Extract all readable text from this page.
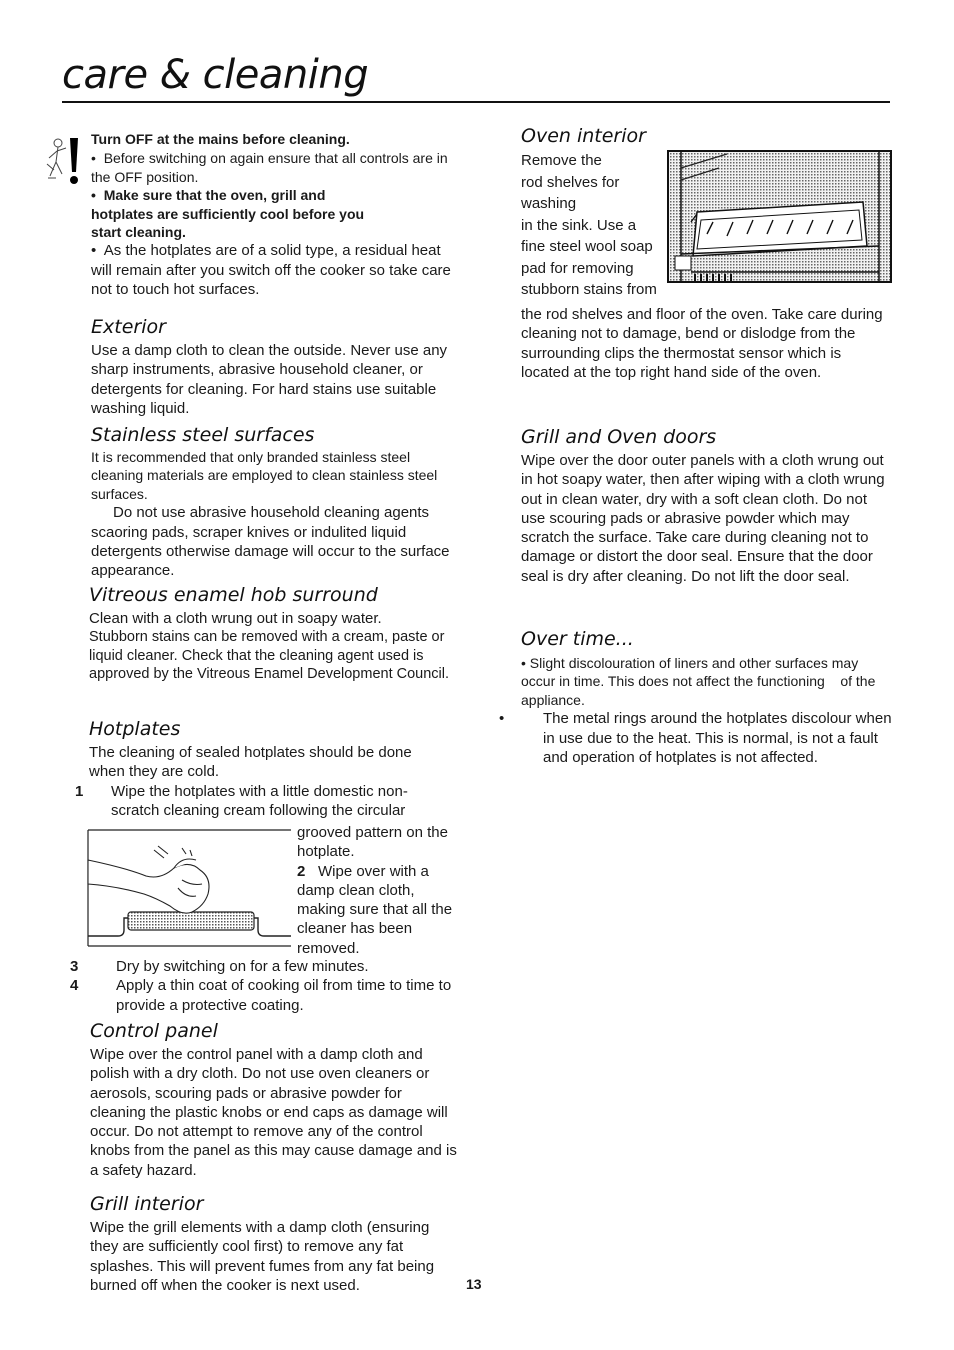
care & cleaning

Turn OFF at the mains before cleaning.

•  Before switching on again ensure that all controls are in the OFF position.

•  Make sure that the oven, grill and hotplates are sufficiently cool before you start cleaning.

•  As the hotplates are of a solid type, a residual heat will remain after you switch off the cooker so take care not to touch hot surfaces.

Exterior

Use a damp cloth to clean the outside. Never use any sharp instruments, abrasive household cleaner, or detergents for cleaning. For hard stains use suitable washing liquid.

Stainless steel surfaces

It is recommended that only branded stainless steel cleaning materials are employed to clean stainless steel surfaces.

Do not use abrasive household cleaning agents scaoring pads, scraper knives or indulited liquid detergents otherwise damage will occur to the surface appearance.

Vitreous enamel hob surround

Clean with a cloth wrung out in soapy water.

Stubborn stains can be removed with a cream, paste or liquid cleaner. Check that the cleaning agent used is approved by the Vitreous Enamel Development Council.

Hotplates

The cleaning of sealed hotplates should be done when they are cold.

1 Wipe the hotplates with a little domestic non-scratch cleaning cream following the circular

grooved pattern on the hotplate.

2 Wipe over with a damp clean cloth, making sure that all the cleaner has been removed.

3	Dry by switching on for a few minutes.

4	Apply a thin coat of cooking oil from time to time to provide a protective coating.

Control panel

Wipe over the control panel with a damp cloth and polish with a dry cloth. Do not use oven cleaners or aerosols, scouring pads or abrasive powder for cleaning the plastic knobs or end caps as damage will occur. Do not attempt to remove any of the control knobs from the panel as this may cause damage and is a safety hazard.

Grill interior

Wipe the grill elements with a damp cloth (ensuring they are sufficiently cool first) to remove any fat splashes. This will prevent fumes from any fat being burned off when the cooker is next used.	13
Oven interior

Remove the

rod shelves for

washing

in the sink. Use a

fine steel wool soap

pad for removing

stubborn stains from

the rod shelves and floor of the oven. Take care during cleaning not to damage, bend or dislodge from the surrounding clips the thermostat sensor which is located at the top right hand side of the oven.

Grill and Oven doors

Wipe over the door outer panels with a cloth wrung out in hot soapy water, then after wiping with a cloth wrung out in clean water, dry with a soft clean cloth. Do not use scouring pads or abrasive powder which may scratch the surface. Take care during cleaning not to damage or distort the door seal. Ensure that the door   seal is dry after cleaning. Do not lift the door seal.

Over time...

• Slight discolouration of liners and other surfaces may occur in time. This does not affect the functioning    of the appliance.

•	The metal rings around the hotplates discolour when in use due to the heat. This is normal, is not a fault and operation of hotplates is not affected.
